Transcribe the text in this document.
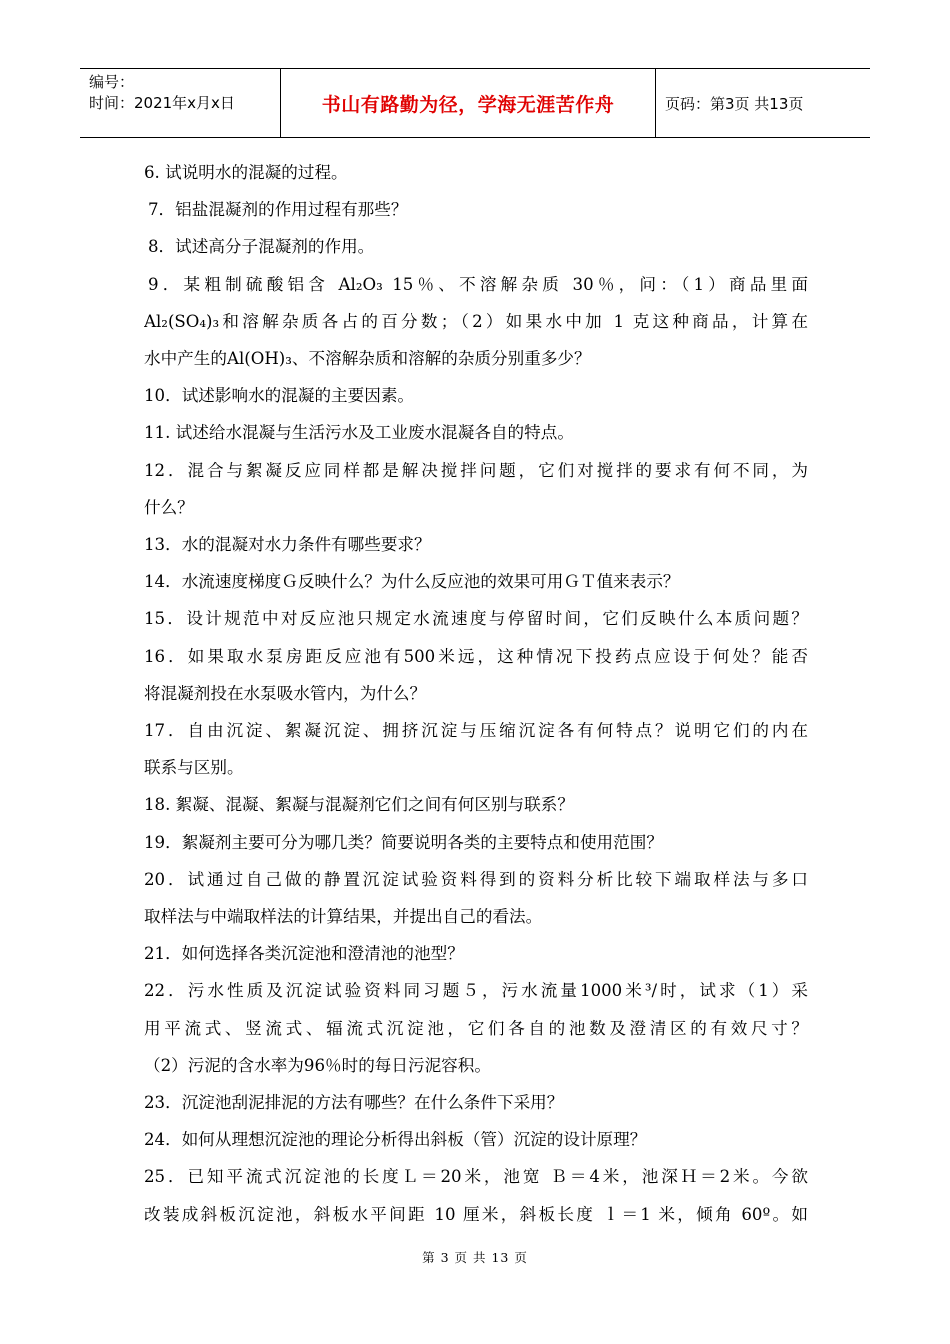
编号：
时间：2021年x月x日	书山有路勤为径，学海无涯苦作舟	页码：第3页 共13页
6. 试说明水的混凝的过程。
7．铝盐混凝剂的作用过程有那些？
8．试述高分子混凝剂的作用。
9．某粗制硫酸铝含 Al₂O₃ 15％、不溶解杂质 30％，问：（1）商品里面
Al₂(SO₄)₃和溶解杂质各占的百分数；（2）如果水中加 1 克这种商品，计算在
水中产生的Al(OH)₃、不溶解杂质和溶解的杂质分别重多少？
10．试述影响水的混凝的主要因素。
11. 试述给水混凝与生活污水及工业废水混凝各自的特点。
12．混合与絮凝反应同样都是解决搅拌问题，它们对搅拌的要求有何不同，为
什么？
13．水的混凝对水力条件有哪些要求？
14．水流速度梯度Ｇ反映什么？为什么反应池的效果可用ＧＴ值来表示？
15．设计规范中对反应池只规定水流速度与停留时间，它们反映什么本质问题？
16．如果取水泵房距反应池有500米远，这种情况下投药点应设于何处？能否
将混凝剂投在水泵吸水管内，为什么？
17．自由沉淀、絮凝沉淀、拥挤沉淀与压缩沉淀各有何特点？说明它们的内在
联系与区别。
18. 絮凝、混凝、絮凝与混凝剂它们之间有何区别与联系？
19．絮凝剂主要可分为哪几类？简要说明各类的主要特点和使用范围？
20．试通过自己做的静置沉淀试验资料得到的资料分析比较下端取样法与多口
取样法与中端取样法的计算结果，并提出自己的看法。
21．如何选择各类沉淀池和澄清池的池型？
22．污水性质及沉淀试验资料同习题５，污水流量1000米³/时，试求（1）采
用平流式、竖流式、辐流式沉淀池，它们各自的池数及澄清区的有效尺寸？
（2）污泥的含水率为96％时的每日污泥容积。
23．沉淀池刮泥排泥的方法有哪些？在什么条件下采用？
24．如何从理想沉淀池的理论分析得出斜板（管）沉淀的设计原理？
25．已知平流式沉淀池的长度Ｌ＝20米，池宽 Ｂ＝4米，池深Ｈ＝2米。今欲
改装成斜板沉淀池，斜板水平间距 10 厘米，斜板长度 ｌ＝1 米，倾角 60º。如
第 3 页 共 13 页
